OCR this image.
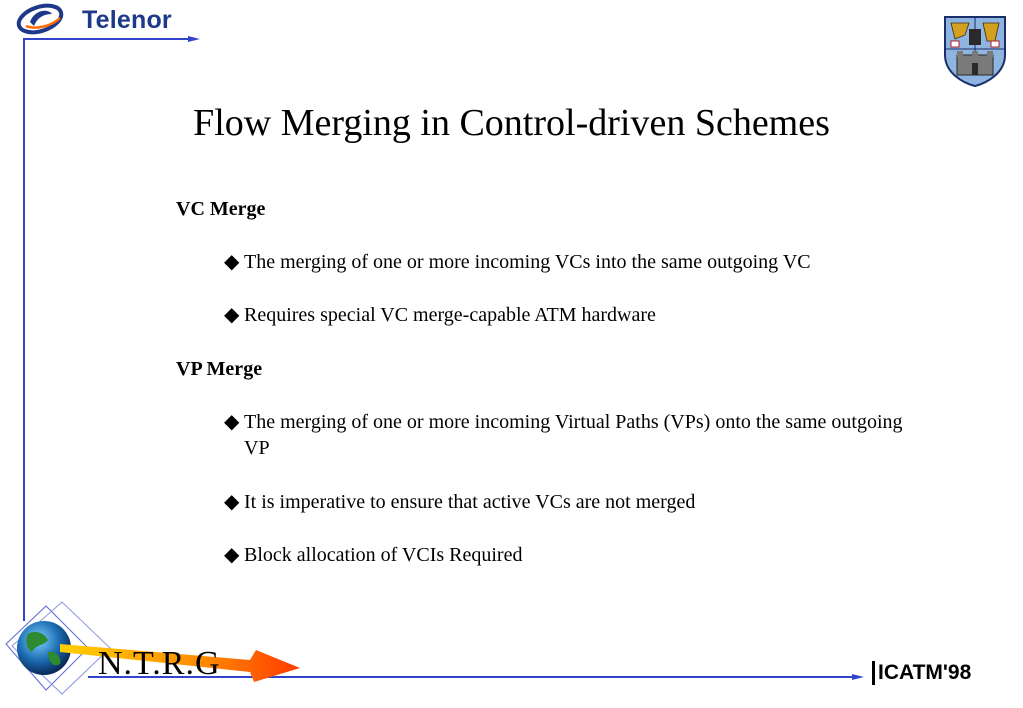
Telenor
Flow Merging in Control-driven Schemes
VC Merge
◆ The merging of one or more incoming VCs into the same outgoing VC
◆ Requires special VC merge-capable ATM hardware
VP Merge
◆ The merging of one or more incoming Virtual Paths (VPs) onto the same outgoing VP
◆ It is imperative to ensure that active VCs are not merged
◆ Block allocation of VCIs Required
N.T.R.G	ICATM'98
